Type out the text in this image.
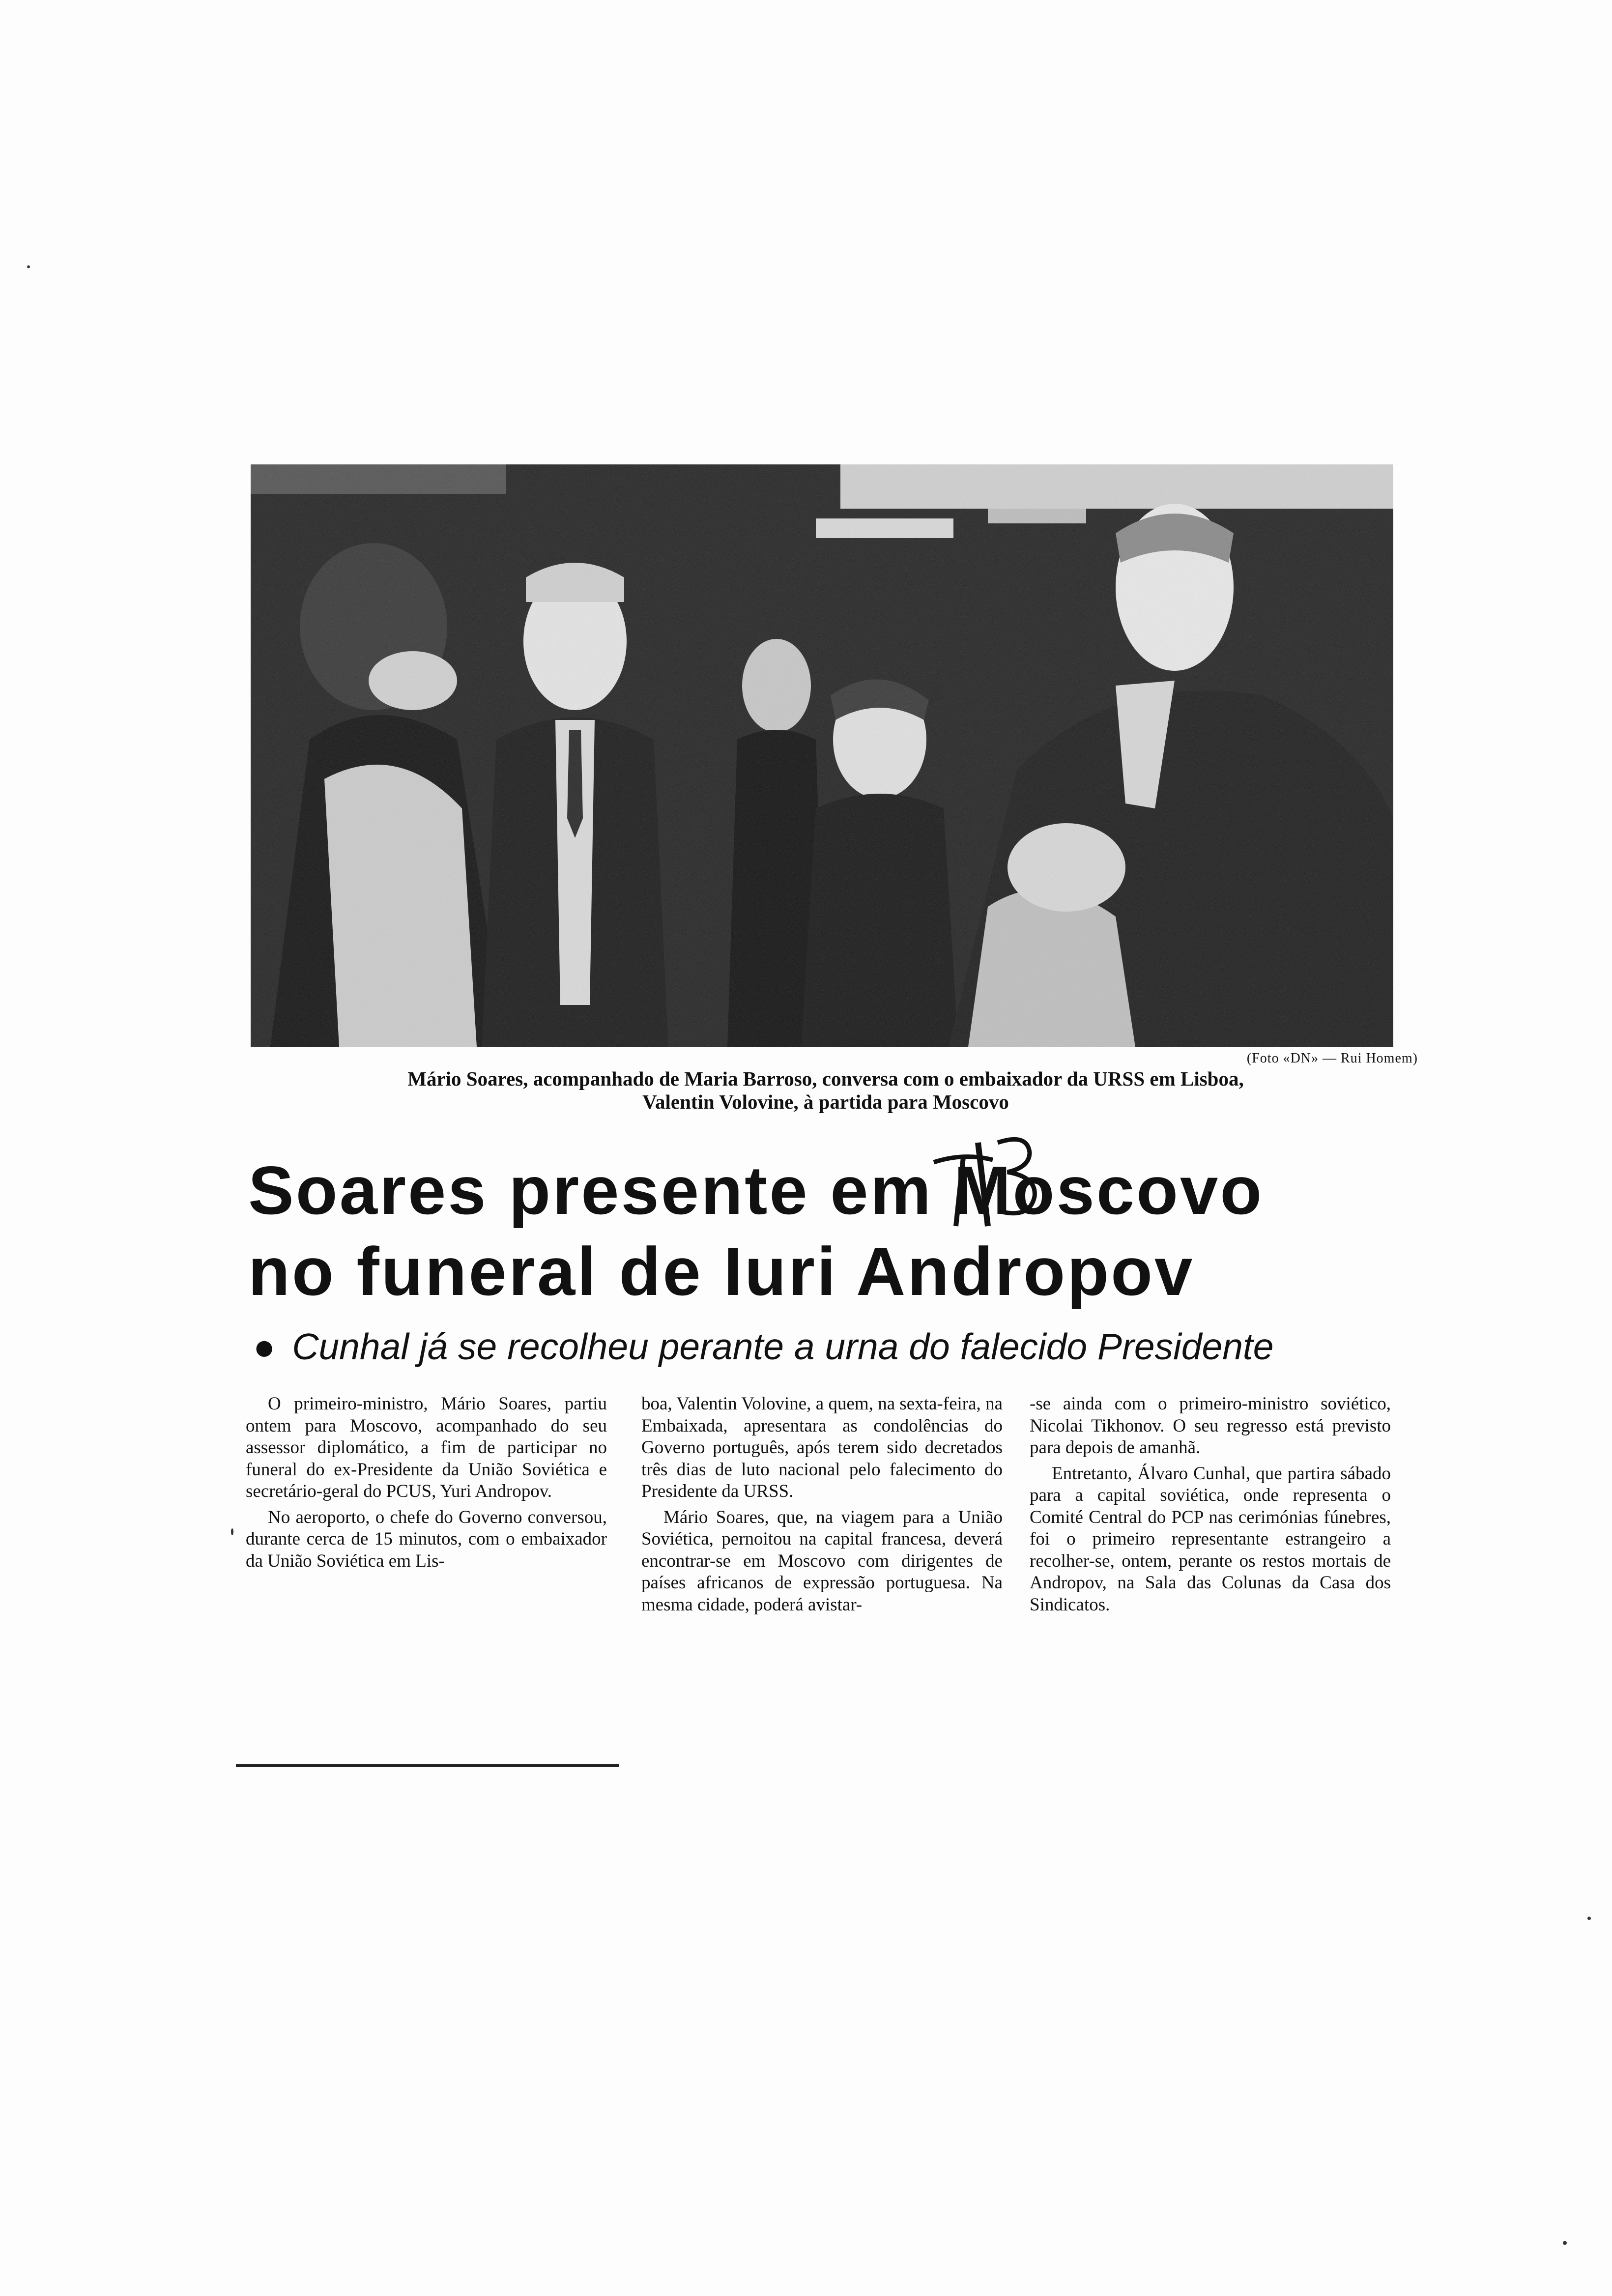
(Foto «DN» — Rui Homem)
Mário Soares, acompanhado de Maria Barroso, conversa com o embaixador da URSS em Lisboa,
Valentin Volovine, à partida para Moscovo
Soares presente em Moscovo
no funeral de Iuri Andropov
● Cunhal já se recolheu perante a urna do falecido Presidente

O primeiro-ministro, Mário Soares, partiu ontem para Moscovo, acompanhado do seu assessor diplomático, a fim de participar no funeral do ex-Presidente da União Soviética e secretário-geral do PCUS, Yuri Andropov.

No aeroporto, o chefe do Governo conversou, durante cerca de 15 minutos, com o embaixador da União Soviética em Lis-

boa, Valentin Volovine, a quem, na sexta-feira, na Embaixada, apresentara as condolências do Governo português, após terem sido decretados três dias de luto nacional pelo falecimento do Presidente da URSS.

Mário Soares, que, na viagem para a União Soviética, pernoitou na capital francesa, deverá encontrar-se em Moscovo com dirigentes de países africanos de expressão portuguesa. Na mesma cidade, poderá avistar-

-se ainda com o primeiro-ministro soviético, Nicolai Tikhonov. O seu regresso está previsto para depois de amanhã.

Entretanto, Álvaro Cunhal, que partira sábado para a capital soviética, onde representa o Comité Central do PCP nas cerimónias fúnebres, foi o primeiro representante estrangeiro a recolher-se, ontem, perante os restos mortais de Andropov, na Sala das Colunas da Casa dos Sindicatos.
